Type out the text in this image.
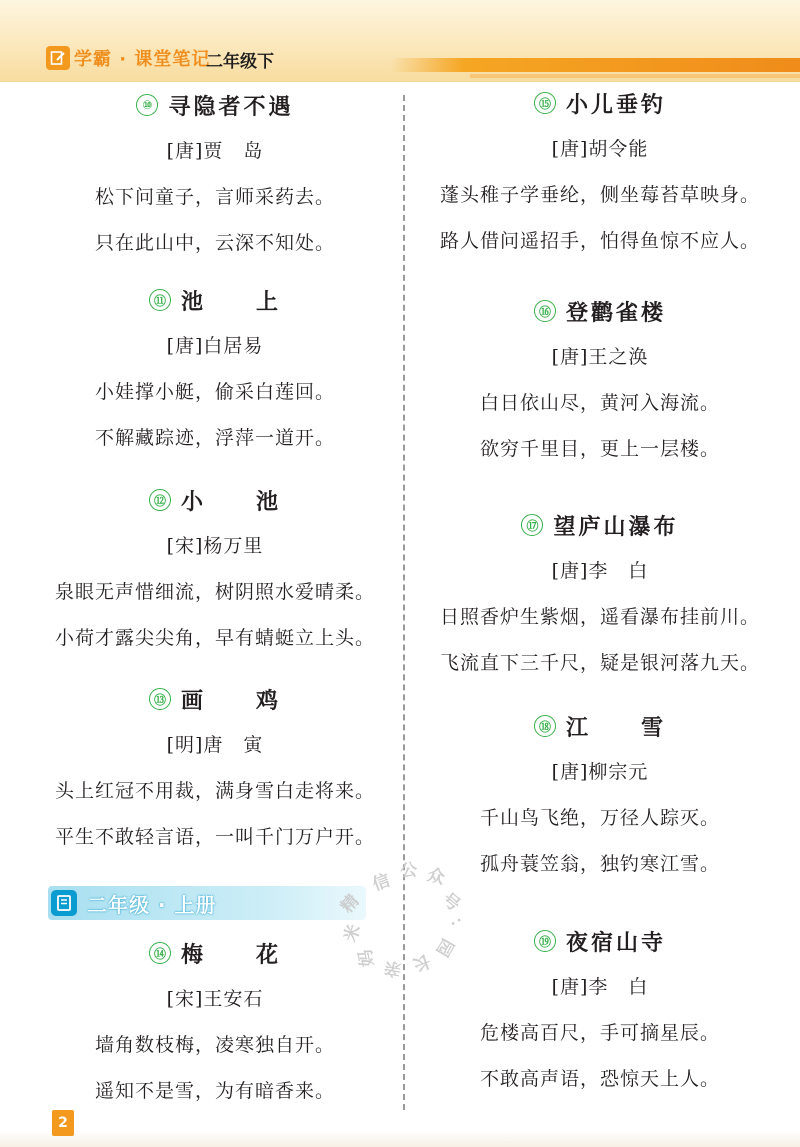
学霸 · 课堂笔记
二年级下
⑩ 寻隐者不遇
[唐]贾　岛
松下问童子，言师采药去。
只在此山中，云深不知处。
⑪ 池　　上
[唐]白居易
小娃撑小艇，偷采白莲回。
不解藏踪迹，浮萍一道开。
⑫ 小　　池
[宋]杨万里
泉眼无声惜细流，树阴照水爱晴柔。
小荷才露尖尖角，早有蜻蜓立上头。
⑬ 画　　鸡
[明]唐　寅
头上红冠不用裁，满身雪白走将来。
平生不敢轻言语，一叫千门万户开。
二年级 · 上册
⑭ 梅　　花
[宋]王安石
墙角数枝梅，凌寒独自开。
遥知不是雪，为有暗香来。
⑮ 小儿垂钓
[唐]胡令能
蓬头稚子学垂纶，侧坐莓苔草映身。
路人借问遥招手，怕得鱼惊不应人。
⑯ 登鹳雀楼
[唐]王之涣
白日依山尽，黄河入海流。
欲穷千里目，更上一层楼。
⑰ 望庐山瀑布
[唐]李　白
日照香炉生紫烟，遥看瀑布挂前川。
飞流直下三千尺，疑是银河落九天。
⑱ 江　　雪
[唐]柳宗元
千山鸟飞绝，万径人踪灭。
孤舟蓑笠翁，独钓寒江雪。
⑲ 夜宿山寺
[唐]李　白
危楼高百尺，手可摘星辰。
不敢高声语，恐惊天上人。
信 公 众
号
：
精
米
妈 亲 长
园
2
